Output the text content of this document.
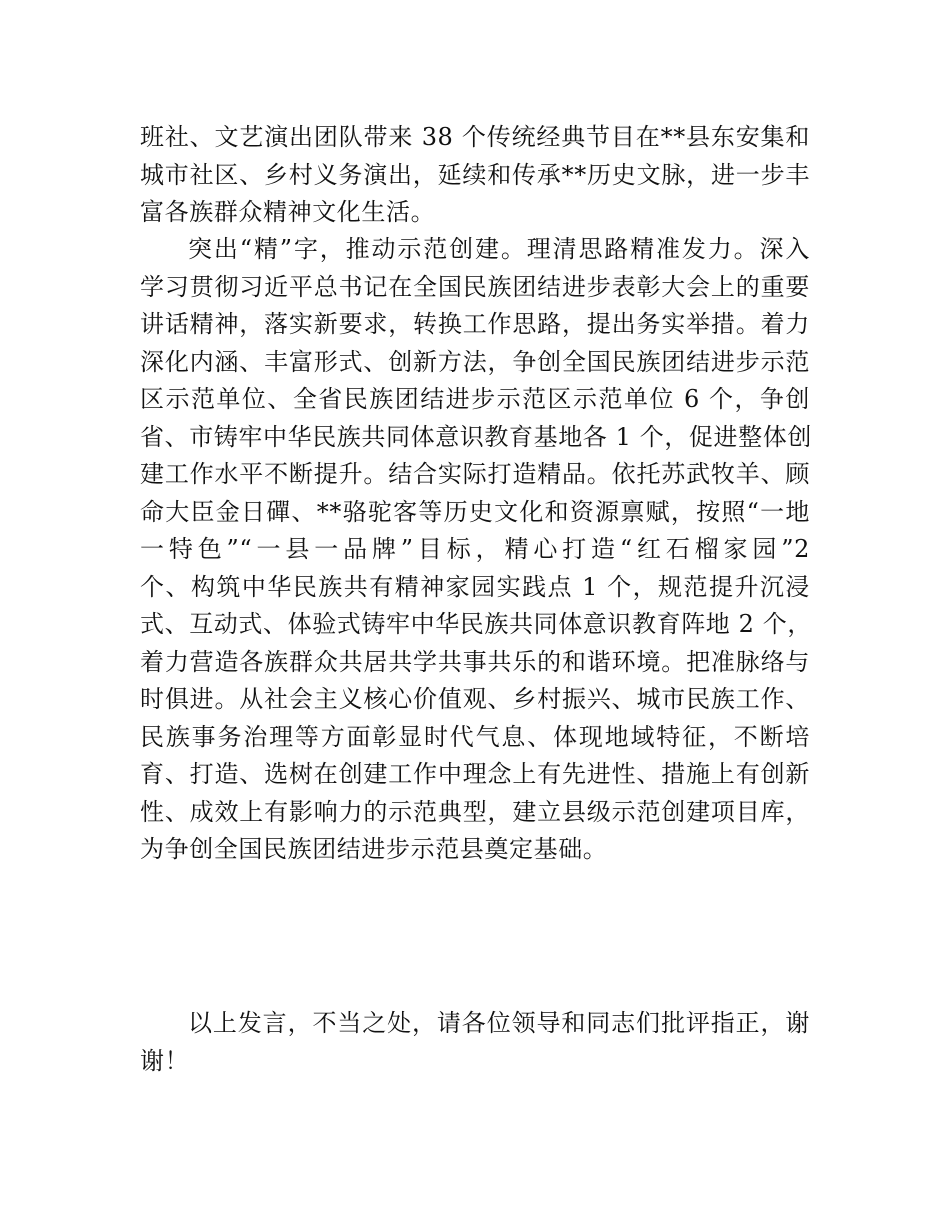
班社、文艺演出团队带来 38 个传统经典节目在**县东安集和
城市社区、乡村义务演出，延续和传承**历史文脉，进一步丰
富各族群众精神文化生活。
突出“精”字，推动示范创建。理清思路精准发力。深入
学习贯彻习近平总书记在全国民族团结进步表彰大会上的重要
讲话精神，落实新要求，转换工作思路，提出务实举措。着力
深化内涵、丰富形式、创新方法，争创全国民族团结进步示范
区示范单位、全省民族团结进步示范区示范单位 6 个，争创
省、市铸牢中华民族共同体意识教育基地各 1 个，促进整体创
建工作水平不断提升。结合实际打造精品。依托苏武牧羊、顾
命大臣金日磾、**骆驼客等历史文化和资源禀赋，按照“一地
一特色”“一县一品牌”目标，精心打造“红石榴家园”2
个、构筑中华民族共有精神家园实践点 1 个，规范提升沉浸
式、互动式、体验式铸牢中华民族共同体意识教育阵地 2 个，
着力营造各族群众共居共学共事共乐的和谐环境。把准脉络与
时俱进。从社会主义核心价值观、乡村振兴、城市民族工作、
民族事务治理等方面彰显时代气息、体现地域特征，不断培
育、打造、选树在创建工作中理念上有先进性、措施上有创新
性、成效上有影响力的示范典型，建立县级示范创建项目库，
为争创全国民族团结进步示范县奠定基础。
以上发言，不当之处，请各位领导和同志们批评指正，谢
谢！
